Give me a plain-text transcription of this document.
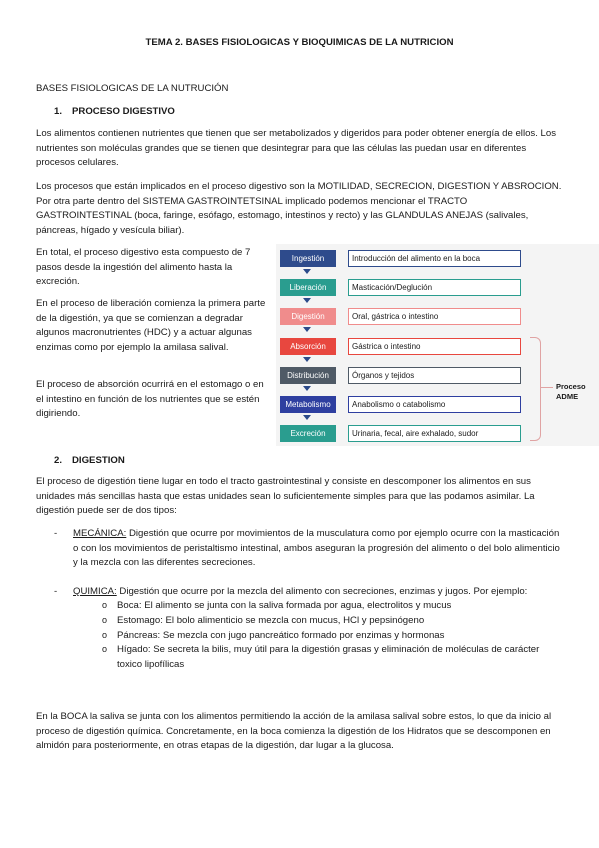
TEMA 2. BASES FISIOLOGICAS Y BIOQUIMICAS DE LA NUTRICION

BASES FISIOLOGICAS DE LA NUTRUCIÓN

1. PROCESO DIGESTIVO

Los alimentos contienen nutrientes que tienen que ser metabolizados y digeridos para poder obtener energía de ellos. Los nutrientes son moléculas grandes que se tienen que desintegrar para que las células las puedan usar en diferentes procesos celulares.

Los procesos que están implicados en el proceso digestivo son la MOTILIDAD, SECRECION, DIGESTION Y ABSROCION. Por otra parte dentro del SISTEMA GASTROINTETSINAL implicado podemos mencionar el TRACTO GASTROINTESTINAL (boca, faringe, esófago, estomago, intestinos y recto) y las GLANDULAS ANEJAS (salivales, páncreas, hígado y vesícula biliar).

En total, el proceso digestivo esta compuesto de 7 pasos desde la ingestión del alimento hasta la excreción.

En el proceso de liberación comienza la primera parte de la digestión, ya que se comienzan a degradar algunos macronutrientes (HDC) y a actuar algunas enzimas como por ejemplo la amilasa salival.

El proceso de absorción ocurrirá en el estomago o en el intestino en función de los nutrientes que se estén digiriendo.

Ingestión	Introducción del alimento en la boca
Liberación	Masticación/Deglución
Digestión	Oral, gástrica o intestino
Absorción	Gástrica o intestino
Distribución	Órganos y tejidos
Metabolismo	Anabolismo o catabolismo
Excreción	Urinaria, fecal, aire exhalado, sudor
Proceso
ADME

2. DIGESTION

El proceso de digestión tiene lugar en todo el tracto gastrointestinal y consiste en descomponer los alimentos en sus unidades más sencillas hasta que estas unidades sean lo suficientemente simples para que las podamos asimilar. La digestión puede ser de dos tipos:

- MECÁNICA: Digestión que ocurre por movimientos de la musculatura como por ejemplo ocurre con la masticación o con los movimientos de peristaltismo intestinal, ambos aseguran la progresión del alimento o del bolo alimenticio y la mezcla con las diferentes secreciones.
- QUIMICA: Digestión que ocurre por la mezcla del alimento con secreciones, enzimas y jugos. Por ejemplo:
o Boca: El alimento se junta con la saliva formada por agua, electrolitos y mucus
o Estomago: El bolo alimenticio se mezcla con mucus, HCl y pepsinógeno
o Páncreas: Se mezcla con jugo pancreático formado por enzimas y hormonas
o Hígado: Se secreta la bilis, muy útil para la digestión grasas y eliminación de moléculas de carácter toxico lipofílicas

En la BOCA la saliva se junta con los alimentos permitiendo la acción de la amilasa salival sobre estos, lo que da inicio al proceso de digestión química. Concretamente, en la boca comienza la digestión de los Hidratos que se descomponen en almidón para posteriormente, en otras etapas de la digestión, dar lugar a la glucosa.
